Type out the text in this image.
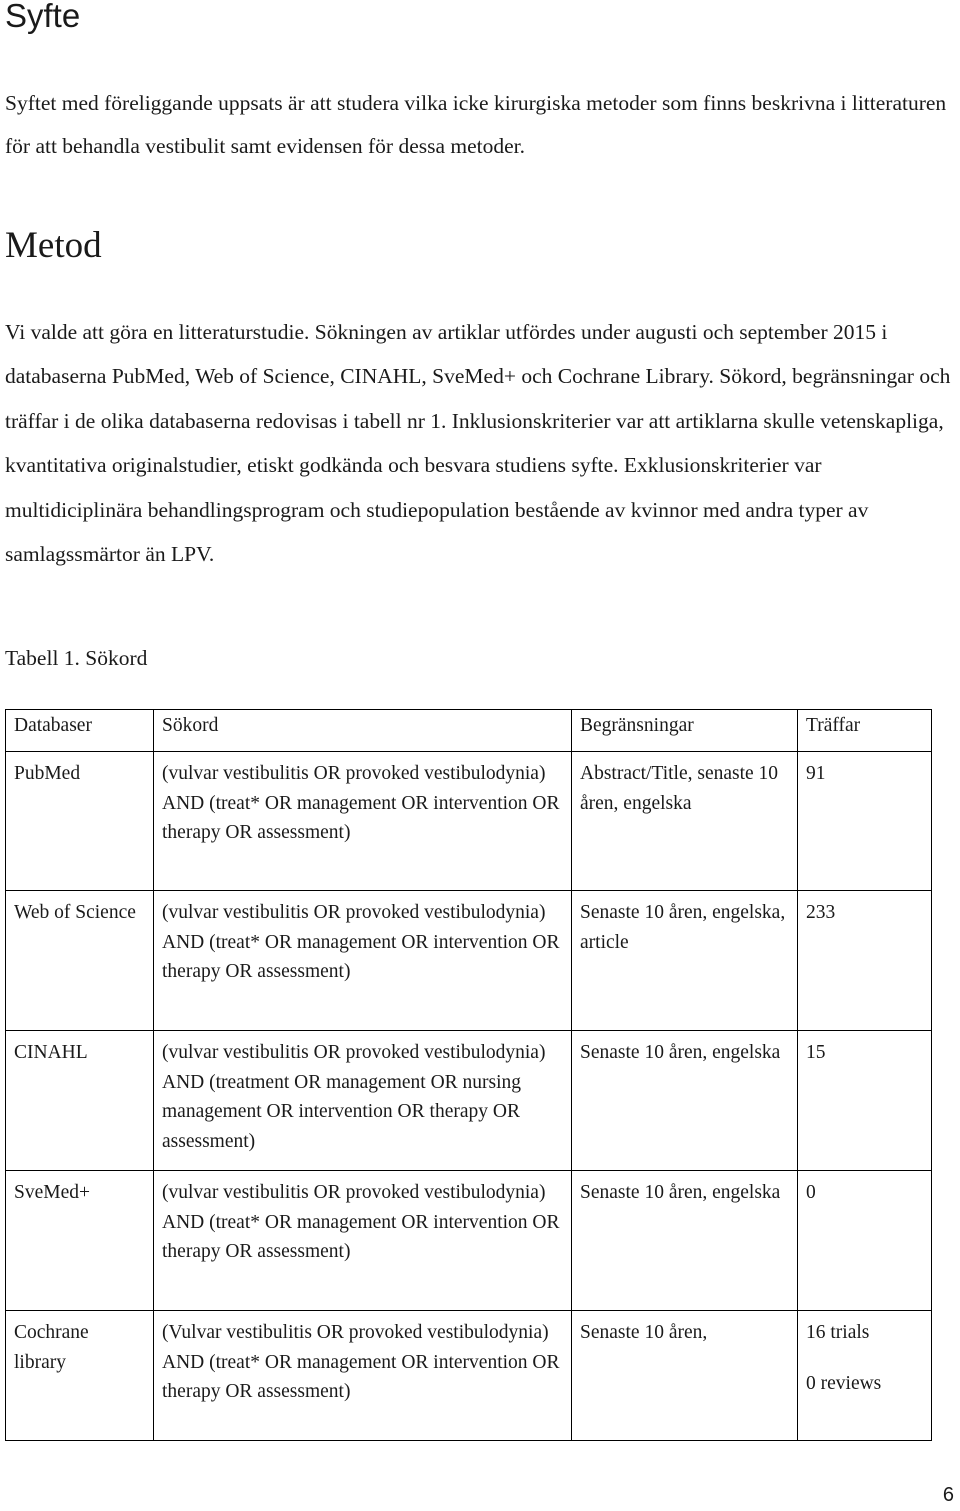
Syfte

Syftet med föreliggande uppsats är att studera vilka icke kirurgiska metoder som finns beskrivna i litteraturen för att behandla vestibulit samt evidensen för dessa metoder.

Metod

Vi valde att göra en litteraturstudie. Sökningen av artiklar utfördes under augusti och september 2015 i databaserna PubMed, Web of Science, CINAHL, SveMed+ och Cochrane Library. Sökord, begränsningar och träffar i de olika databaserna redovisas i tabell nr 1. Inklusionskriterier var att artiklarna skulle vetenskapliga, kvantitativa originalstudier, etiskt godkända och besvara studiens syfte. Exklusionskriterier var multidiciplinära behandlingsprogram och studiepopulation bestående av kvinnor med andra typer av samlagssmärtor än LPV.

Tabell 1. Sökord

Databaser	Sökord	Begränsningar	Träffar
PubMed	(vulvar vestibulitis OR provoked vestibulodynia) AND (treat* OR management OR intervention OR therapy OR assessment)	Abstract/Title, senaste 10 åren, engelska	91

Web of Science	(vulvar vestibulitis OR provoked vestibulodynia) AND (treat* OR management OR intervention OR therapy OR assessment)	Senaste 10 åren, engelska, article	233

CINAHL	(vulvar vestibulitis OR provoked vestibulodynia) AND (treatment OR management OR nursing management OR intervention OR therapy OR assessment)	Senaste 10 åren, engelska	15

SveMed+	(vulvar vestibulitis OR provoked vestibulodynia) AND (treat* OR management OR intervention OR therapy OR assessment)	Senaste 10 åren, engelska	0

Cochrane library	(Vulvar vestibulitis OR provoked vestibulodynia) AND (treat* OR management OR intervention OR therapy OR assessment)	Senaste 10 åren,	16 trials
0 reviews

6
